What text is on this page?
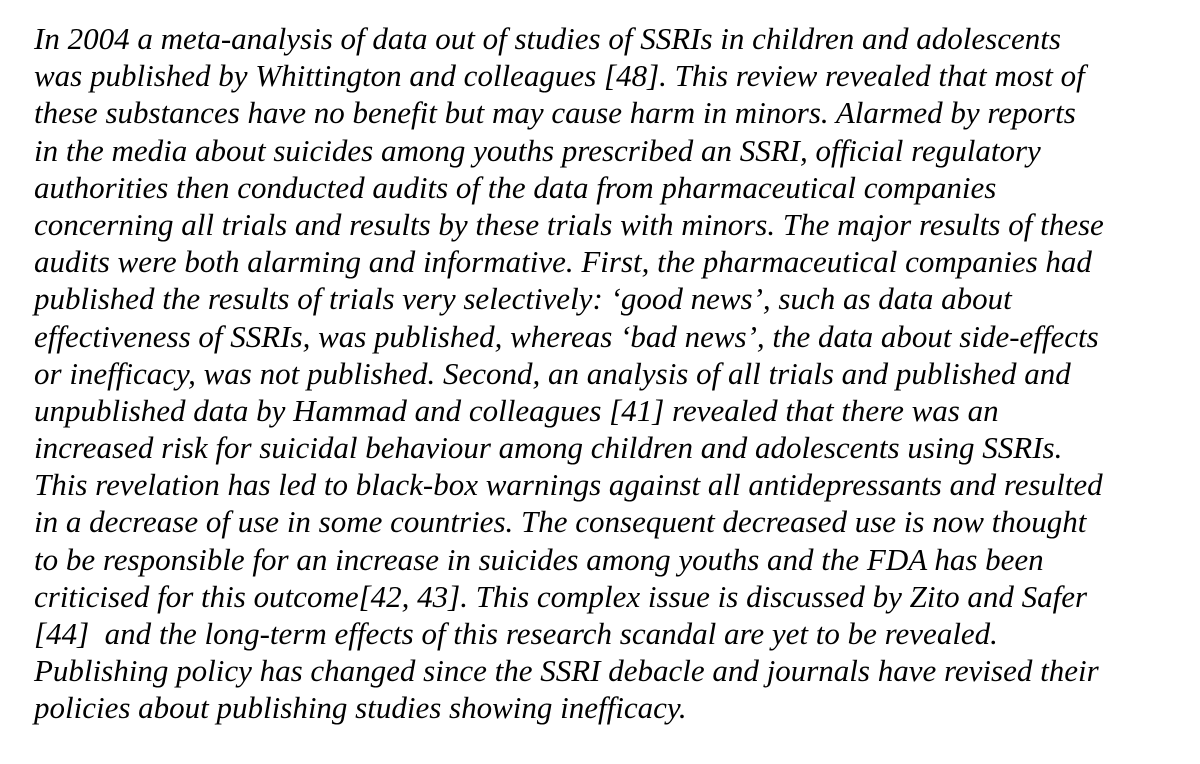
In 2004 a meta-analysis of data out of studies of SSRIs in children and adolescents
was published by Whittington and colleagues [48]. This review revealed that most of
these substances have no benefit but may cause harm in minors. Alarmed by reports
in the media about suicides among youths prescribed an SSRI, official regulatory
authorities then conducted audits of the data from pharmaceutical companies
concerning all trials and results by these trials with minors. The major results of these
audits were both alarming and informative. First, the pharmaceutical companies had
published the results of trials very selectively: ‘good news’, such as data about
effectiveness of SSRIs, was published, whereas ‘bad news’, the data about side-effects
or inefficacy, was not published. Second, an analysis of all trials and published and
unpublished data by Hammad and colleagues [41] revealed that there was an
increased risk for suicidal behaviour among children and adolescents using SSRIs.
This revelation has led to black-box warnings against all antidepressants and resulted
in a decrease of use in some countries. The consequent decreased use is now thought
to be responsible for an increase in suicides among youths and the FDA has been
criticised for this outcome[42, 43]. This complex issue is discussed by Zito and Safer
[44]  and the long-term effects of this research scandal are yet to be revealed.
Publishing policy has changed since the SSRI debacle and journals have revised their
policies about publishing studies showing inefficacy.
